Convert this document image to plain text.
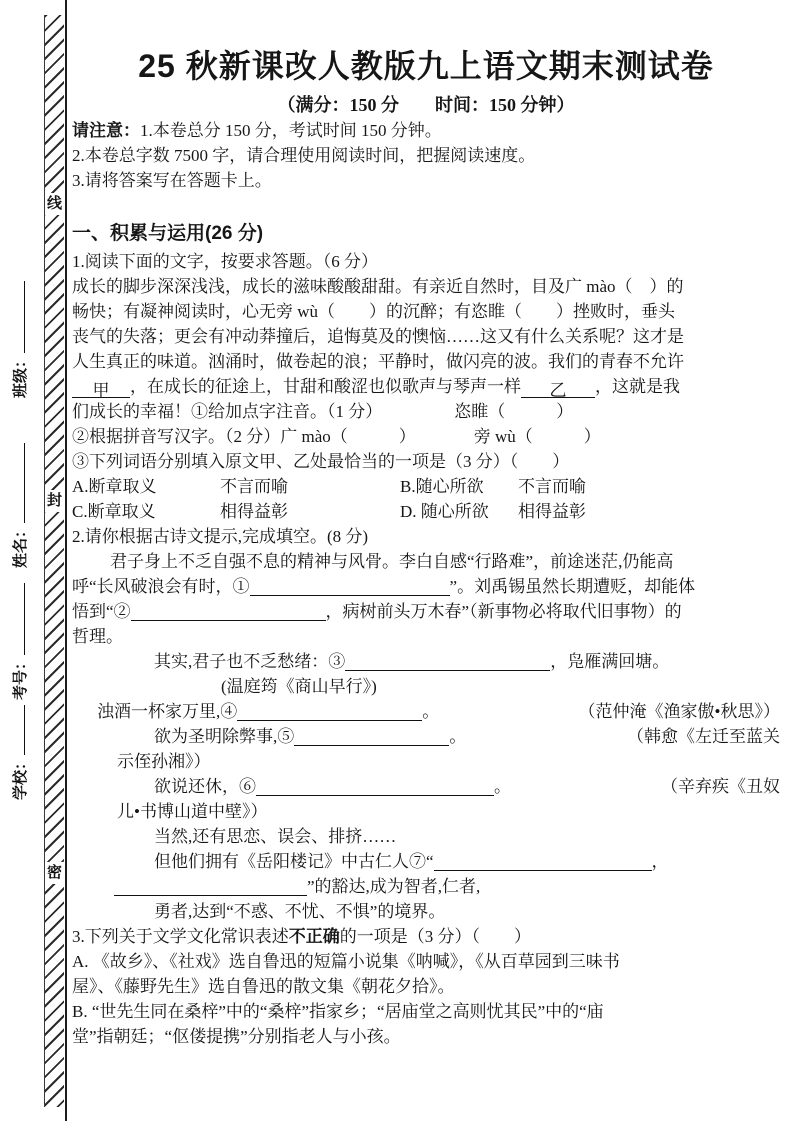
班级：
姓名：
考号：
学校：
线
封
密
25 秋新课改人教版九上语文期末测试卷
（满分：150 分　　时间：150 分钟）
请注意：1.本卷总分 150 分，考试时间 150 分钟。
2.本卷总字数 7500 字，请合理使用阅读时间，把握阅读速度。
3.请将答案写在答题卡上。
一、积累与运用(26 分)
1.阅读下面的文字，按要求答题。（6 分）
成长的脚步深深浅浅，成长的滋味酸酸甜甜。有亲近自然时，目及广 mào（　）的
畅快；有凝神阅读时，心无旁 wù（　　）的沉醉；有恣睢（　　）挫败时，垂头
丧气的失落；更会有冲动莽撞后，追悔莫及的懊恼……这又有什么关系呢？这才是
人生真正的味道。汹涌时，做卷起的浪；平静时，做闪亮的波。我们的青春不允许
甲 ，在成长的征途上，甘甜和酸涩也似歌声与琴声一样 乙 ，这就是我
们成长的幸福！①给加点字注音。（1 分）	恣睢（　　　）
②根据拼音写汉字。（2 分）广 mào（　　　）	旁 wù（　　　）
③下列词语分别填入原文甲、乙处最恰当的一项是（3 分）（　　）
A.断章取义	不言而喻	B.随心所欲 不言而喻
C.断章取义	相得益彰	D. 随心所欲 相得益彰
2.请你根据古诗文提示,完成填空。(8 分)
君子身上不乏自强不息的精神与风骨。李白自感“行路难”，前途迷茫,仍能高
呼“长风破浪会有时，①	”。刘禹锡虽然长期遭贬，却能体
悟到“②	，病树前头万木春”（新事物必将取代旧事物）的
哲理。
其实,君子也不乏愁绪：③	，凫雁满回塘。
(温庭筠《商山早行》)
浊酒一杯家万里,④	。	（范仲淹《渔家傲•秋思》）
欲为圣明除弊事,⑤	。	（韩愈《左迁至蓝关
示侄孙湘》）
欲说还休，⑥	。	（辛弃疾《丑奴
儿•书博山道中壁》）
当然,还有思恋、误会、排挤……
但他们拥有《岳阳楼记》中古仁人⑦“	，
”的豁达,成为智者,仁者,
勇者,达到“不惑、不忧、不惧”的境界。
3.下列关于文学文化常识表述不正确的一项是（3 分）（　　）
A. 《故乡》、《社戏》选自鲁迅的短篇小说集《呐喊》，《从百草园到三味书
屋》、《藤野先生》选自鲁迅的散文集《朝花夕拾》。
B. “世先生同在桑梓”中的“桑梓”指家乡；“居庙堂之高则忧其民”中的“庙
堂”指朝廷；“伛偻提携”分别指老人与小孩。
